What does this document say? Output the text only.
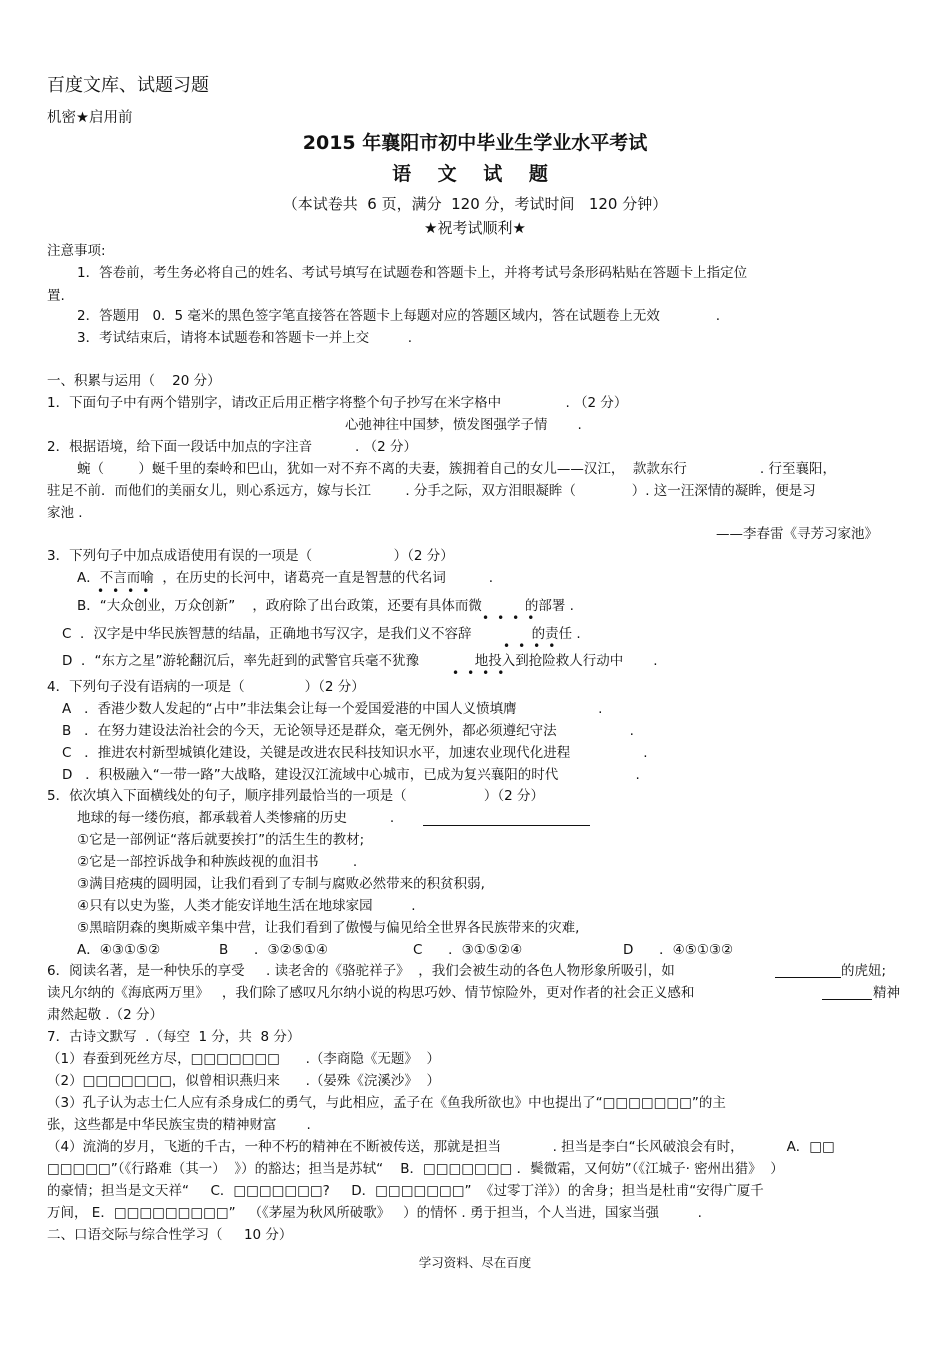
百度文库、试题习题
机密★启用前
2015 年襄阳市初中毕业生学业水平考试
语 文 试 题
（本试卷共  6 页，满分  120 分，考试时间   120 分钟）
★祝考试顺利★
注意事项:
1．答卷前，考生务必将自己的姓名、考试号填写在试题卷和答题卡上，并将考试号条形码粘贴在答题卡上指定位
置.
2．答题用   0．5 毫米的黑色签字笔直接答在答题卡上每题对应的答题区域内，答在试题卷上无效             .
3．考试结束后，请将本试题卷和答题卡一并上交         .
一、积累与运用（    20 分）
1．下面句子中有两个错别字，请改正后用正楷字将整个句子抄写在米字格中               . （2 分）
心弛神往中国梦，愤发图强学子情       .
2．根据语境，给下面一段话中加点的字注音          . （2 分）
蜿（        ）蜒千里的秦岭和巴山，犹如一对不弃不离的夫妻，簇拥着自己的女儿——汉江，  款款东行                 . 行至襄阳，
驻足不前．而他们的美丽女儿，则心系远方，嫁与长江        . 分手之际，双方泪眼凝眸（             ）. 这一汪深情的凝眸，便是习
家池 .
——李春雷《寻芳习家池》
3．下列句子中加点成语使用有误的一项是（                   ）（2 分）
A．不言而喻  ，在历史的长河中，诸葛亮一直是智慧的代名词          .
••••
B．“大众创业，万众创新”    ，政府除了出台政策，还要有具体而微          的部署 .
••••
C  ．汉字是中华民族智慧的结晶，正确地书写汉字，是我们义不容辞              的责任 .
••••
D  ．“东方之星”游轮翻沉后，率先赶到的武警官兵毫不犹豫             地投入到抢险救人行动中       .
••••
4．下列句子没有语病的一项是（              ）（2 分）
A   ．香港少数人发起的“占中”非法集会让每一个爱国爱港的中国人义愤填膺                   .
B   ．在努力建设法治社会的今天，无论领导还是群众，毫无例外，都必须遵纪守法                 .
C   ．推进农村新型城镇化建设，关键是改进农民科技知识水平，加速农业现代化进程                 .
D   ．积极融入“一带一路”大战略，建设汉江流域中心城市，已成为复兴襄阳的时代                  .
5．依次填入下面横线处的句子，顺序排列最恰当的一项是（                  ）（2 分）
地球的每一缕伤痕，都承载着人类惨痛的历史          .
①它是一部例证“落后就要挨打”的活生生的教材;
②它是一部控诉战争和种族歧视的血泪书        .
③满目疮痍的圆明园，让我们看到了专制与腐败必然带来的积贫积弱,
④只有以史为鉴，人类才能安详地生活在地球家园         .
⑤黑暗阴森的奥斯威辛集中营，让我们看到了傲慢与偏见给全世界各民族带来的灾难,
A．④③①⑤②	B      ．③②⑤①④	C      ．③①⑤②④	D      ．④⑤①③②
6．阅读名著，是一种快乐的享受     . 读老舍的《骆驼祥子》  ，我们会被生动的各色人物形象所吸引，如	的虎妞;
读凡尔纳的《海底两万里》   ，我们除了感叹凡尔纳小说的构思巧妙、情节惊险外，更对作者的社会正义感和	精神
肃然起敬 .（2 分）
7．古诗文默写  .（每空  1 分，共  8 分）
（1）春蚕到死丝方尽，□□□□□□□      .（李商隐《无题》  ）
（2）□□□□□□□，似曾相识燕归来      .（晏殊《浣溪沙》  ）
（3）孔子认为志士仁人应有杀身成仁的勇气，与此相应，孟子在《鱼我所欲也》中也提出了“□□□□□□□”的主
张，这些都是中华民族宝贵的精神财富       .
（4）流淌的岁月，飞逝的千古，一种不朽的精神在不断被传送，那就是担当            . 担当是李白“长风破浪会有时，          A．□□
□□□□□”（《行路难（其一）  》）的豁达；担当是苏轼“    B．□□□□□□□ ．鬓微霜，又何妨”（《江城子· 密州出猎》  ）
的豪情；担当是文天祥“     C．□□□□□□□?     D．□□□□□□□”  《过零丁洋》）的舍身；担当是杜甫“安得广厦千
万间， E．□□□□□□□□□”   （《茅屋为秋风所破歌》   ）的情怀 . 勇于担当，个人当进，国家当强         .
二、口语交际与综合性学习（     10 分）
学习资料、尽在百度
